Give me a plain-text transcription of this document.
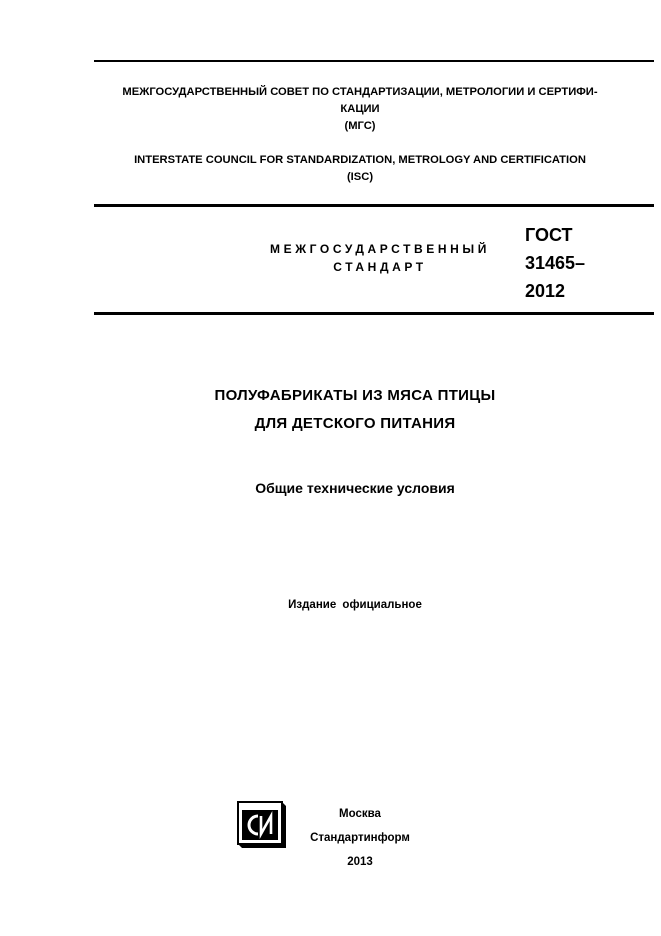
МЕЖГОСУДАРСТВЕННЫЙ СОВЕТ ПО СТАНДАРТИЗАЦИИ, МЕТРОЛОГИИ И СЕРТИФИ-
КАЦИИ
(МГС)
INTERSTATE COUNCIL FOR STANDARDIZATION, METROLOGY AND CERTIFICATION
(ISC)
МЕЖГОСУДАРСТВЕННЫЙ
СТАНДАРТ
ГОСТ
31465–
2012
ПОЛУФАБРИКАТЫ ИЗ МЯСА ПТИЦЫ
ДЛЯ ДЕТСКОГО ПИТАНИЯ
Общие технические условия
Издание официальное
Москва
Стандартинформ
2013
